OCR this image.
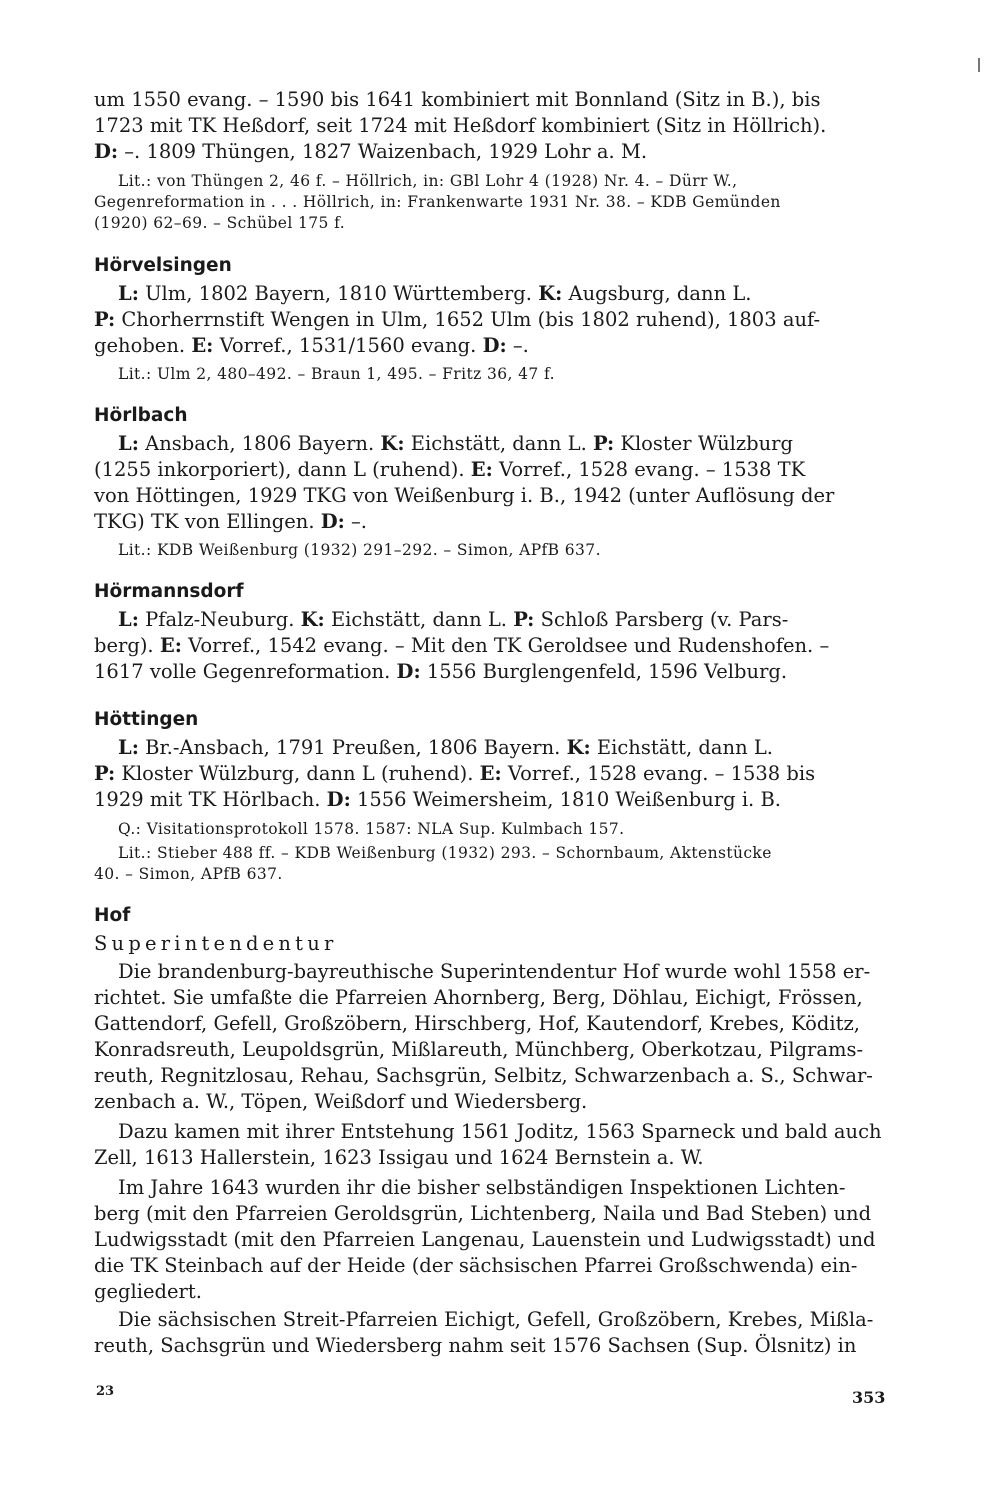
um 1550 evang. – 1590 bis 1641 kombiniert mit Bonnland (Sitz in B.), bis
1723 mit TK Heßdorf, seit 1724 mit Heßdorf kombiniert (Sitz in Höllrich).
D: –. 1809 Thüngen, 1827 Waizenbach, 1929 Lohr a. M.
Lit.: von Thüngen 2, 46 f. – Höllrich, in: GBl Lohr 4 (1928) Nr. 4. – Dürr W.,
Gegenreformation in . . . Höllrich, in: Frankenwarte 1931 Nr. 38. – KDB Gemünden
(1920) 62–69. – Schübel 175 f.
Hörvelsingen
L: Ulm, 1802 Bayern, 1810 Württemberg. K: Augsburg, dann L.
P: Chorherrnstift Wengen in Ulm, 1652 Ulm (bis 1802 ruhend), 1803 auf-
gehoben. E: Vorref., 1531/1560 evang. D: –.
Lit.: Ulm 2, 480–492. – Braun 1, 495. – Fritz 36, 47 f.
Hörlbach
L: Ansbach, 1806 Bayern. K: Eichstätt, dann L. P: Kloster Wülzburg
(1255 inkorporiert), dann L (ruhend). E: Vorref., 1528 evang. – 1538 TK
von Höttingen, 1929 TKG von Weißenburg i. B., 1942 (unter Auflösung der
TKG) TK von Ellingen. D: –.
Lit.: KDB Weißenburg (1932) 291–292. – Simon, APfB 637.
Hörmannsdorf
L: Pfalz-Neuburg. K: Eichstätt, dann L. P: Schloß Parsberg (v. Pars-
berg). E: Vorref., 1542 evang. – Mit den TK Geroldsee und Rudenshofen. –
1617 volle Gegenreformation. D: 1556 Burglengenfeld, 1596 Velburg.
Höttingen
L: Br.-Ansbach, 1791 Preußen, 1806 Bayern. K: Eichstätt, dann L.
P: Kloster Wülzburg, dann L (ruhend). E: Vorref., 1528 evang. – 1538 bis
1929 mit TK Hörlbach. D: 1556 Weimersheim, 1810 Weißenburg i. B.
Q.: Visitationsprotokoll 1578. 1587: NLA Sup. Kulmbach 157.
Lit.: Stieber 488 ff. – KDB Weißenburg (1932) 293. – Schornbaum, Aktenstücke
40. – Simon, APfB 637.
Hof
Superintendentur
Die brandenburg-bayreuthische Superintendentur Hof wurde wohl 1558 er-
richtet. Sie umfaßte die Pfarreien Ahornberg, Berg, Döhlau, Eichigt, Frössen,
Gattendorf, Gefell, Großzöbern, Hirschberg, Hof, Kautendorf, Krebes, Köditz,
Konradsreuth, Leupoldsgrün, Mißlareuth, Münchberg, Oberkotzau, Pilgrams-
reuth, Regnitzlosau, Rehau, Sachsgrün, Selbitz, Schwarzenbach a. S., Schwar-
zenbach a. W., Töpen, Weißdorf und Wiedersberg.
Dazu kamen mit ihrer Entstehung 1561 Joditz, 1563 Sparneck und bald auch
Zell, 1613 Hallerstein, 1623 Issigau und 1624 Bernstein a. W.
Im Jahre 1643 wurden ihr die bisher selbständigen Inspektionen Lichten-
berg (mit den Pfarreien Geroldsgrün, Lichtenberg, Naila und Bad Steben) und
Ludwigsstadt (mit den Pfarreien Langenau, Lauenstein und Ludwigsstadt) und
die TK Steinbach auf der Heide (der sächsischen Pfarrei Großschwenda) ein-
gegliedert.
Die sächsischen Streit-Pfarreien Eichigt, Gefell, Großzöbern, Krebes, Mißla-
reuth, Sachsgrün und Wiedersberg nahm seit 1576 Sachsen (Sup. Ölsnitz) in
23	353
